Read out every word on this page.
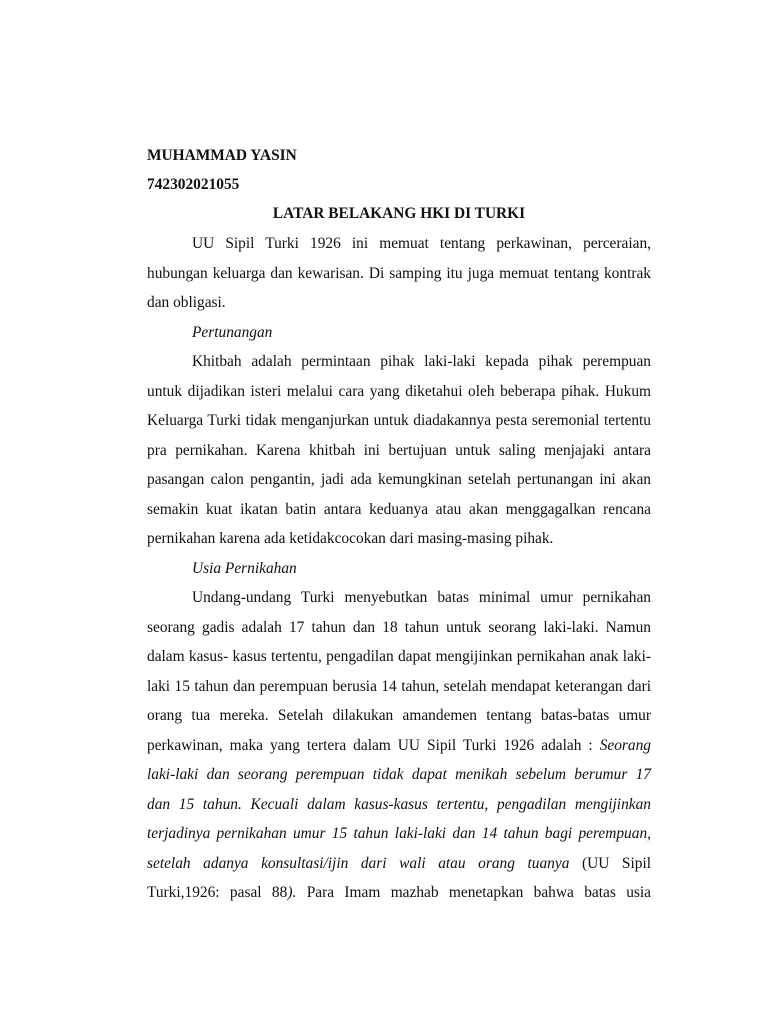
MUHAMMAD YASIN
742302021055
LATAR BELAKANG HKI DI TURKI
UU Sipil Turki 1926 ini memuat tentang perkawinan, perceraian,
hubungan keluarga dan kewarisan. Di samping itu juga memuat tentang kontrak
dan obligasi.
Pertunangan
Khitbah adalah permintaan pihak laki-laki kepada pihak perempuan
untuk dijadikan isteri melalui cara yang diketahui oleh beberapa pihak. Hukum
Keluarga Turki tidak menganjurkan untuk diadakannya pesta seremonial tertentu
pra pernikahan. Karena khitbah ini bertujuan untuk saling menjajaki antara
pasangan calon pengantin, jadi ada kemungkinan setelah pertunangan ini akan
semakin kuat ikatan batin antara keduanya atau akan menggagalkan rencana
pernikahan karena ada ketidakcocokan dari masing-masing pihak.
Usia Pernikahan
Undang-undang Turki menyebutkan batas minimal umur pernikahan
seorang gadis adalah 17 tahun dan 18 tahun untuk seorang laki-laki. Namun
dalam kasus- kasus tertentu, pengadilan dapat mengijinkan pernikahan anak laki-
laki 15 tahun dan perempuan berusia 14 tahun, setelah mendapat keterangan dari
orang tua mereka. Setelah dilakukan amandemen tentang batas-batas umur
perkawinan, maka yang tertera dalam UU Sipil Turki 1926 adalah : Seorang
laki-laki dan seorang perempuan tidak dapat menikah sebelum berumur 17
dan 15 tahun. Kecuali dalam kasus-kasus tertentu, pengadilan mengijinkan
terjadinya pernikahan umur 15 tahun laki-laki dan 14 tahun bagi perempuan,
setelah adanya konsultasi/ijin dari wali atau orang tuanya (UU Sipil
Turki,1926: pasal 88). Para Imam mazhab menetapkan bahwa batas usia
